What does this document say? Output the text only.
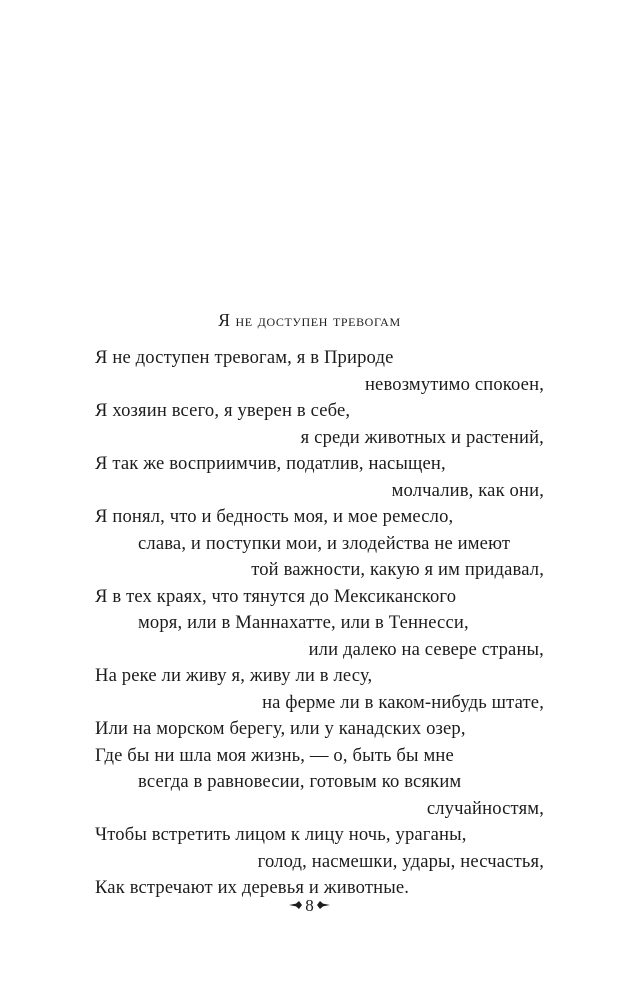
Я не доступен тревогам
Я не доступен тревогам, я в Природе
невозмутимо спокоен,
Я хозяин всего, я уверен в себе,
я среди животных и растений,
Я так же восприимчив, податлив, насыщен,
молчалив, как они,
Я понял, что и бедность моя, и мое ремесло,
слава, и поступки мои, и злодейства не имеют
той важности, какую я им придавал,
Я в тех краях, что тянутся до Мексиканского
моря, или в Маннахатте, или в Теннесси,
или далеко на севере страны,
На реке ли живу я, живу ли в лесу,
на ферме ли в каком-нибудь штате,
Или на морском берегу, или у канадских озер,
Где бы ни шла моя жизнь, — о, быть бы мне
всегда в равновесии, готовым ко всяким
случайностям,
Чтобы встретить лицом к лицу ночь, ураганы,
голод, насмешки, удары, несчастья,
Как встречают их деревья и животные.
8
